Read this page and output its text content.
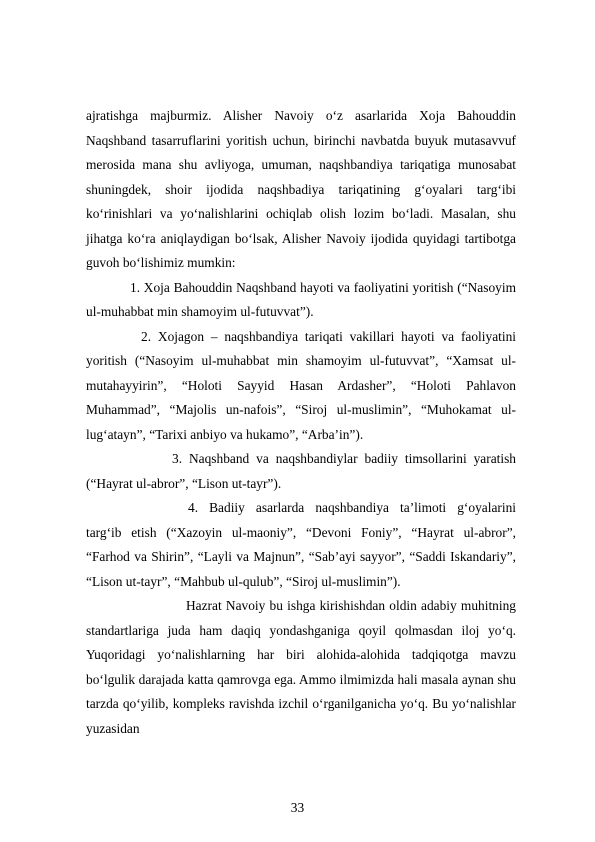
ajratishga majburmiz. Alisher Navoiy o‘z asarlarida Xoja Bahouddin Naqshband tasarruflarini yoritish uchun, birinchi navbatda buyuk mutasavvuf merosida mana shu avliyoga, umuman, naqshbandiya tariqatiga munosabat shuningdek, shoir ijodida naqshbadiya tariqatining g‘oyalari targ‘ibi ko‘rinishlari va yo‘nalishlarini ochiqlab olish lozim bo‘ladi. Masalan, shu jihatga ko‘ra aniqlaydigan bo‘lsak, Alisher Navoiy ijodida quyidagi tartibotga guvoh bo‘lishimiz mumkin:

1. Xoja Bahouddin Naqshband hayoti va faoliyatini yoritish (“Nasoyim ul-muhabbat min shamoyim ul-futuvvat”).

2. Xojagon – naqshbandiya tariqati vakillari hayoti va faoliyatini yoritish (“Nasoyim ul-muhabbat min shamoyim ul-futuvvat”, “Xamsat ul-mutahayyirin”, “Holoti Sayyid Hasan Ardasher”, “Holoti Pahlavon Muhammad”, “Majolis un-nafois”, “Siroj ul-muslimin”, “Muhokamat ul-lug‘atayn”, “Tarixi anbiyo va hukamo”, “Arba’in”).

3. Naqshband va naqshbandiylar badiiy timsollarini yaratish (“Hayrat ul-abror”, “Lison ut-tayr”).

4. Badiiy asarlarda naqshbandiya ta’limoti g‘oyalarini targ‘ib etish (“Xazoyin ul-maoniy”, “Devoni Foniy”, “Hayrat ul-abror”, “Farhod va Shirin”, “Layli va Majnun”, “Sab’ayi sayyor”, “Saddi Iskandariy”, “Lison ut-tayr”, “Mahbub ul-qulub”, “Siroj ul-muslimin”).

Hazrat Navoiy bu ishga kirishishdan oldin adabiy muhitning standartlariga juda ham daqiq yondashganiga qoyil qolmasdan iloj yo‘q. Yuqoridagi yo‘nalishlarning har biri alohida-alohida tadqiqotga mavzu bo‘lgulik darajada katta qamrovga ega. Ammo ilmimizda hali masala aynan shu tarzda qo‘yilib, kompleks ravishda izchil o‘rganilganicha yo‘q. Bu yo‘nalishlar yuzasidan

33
